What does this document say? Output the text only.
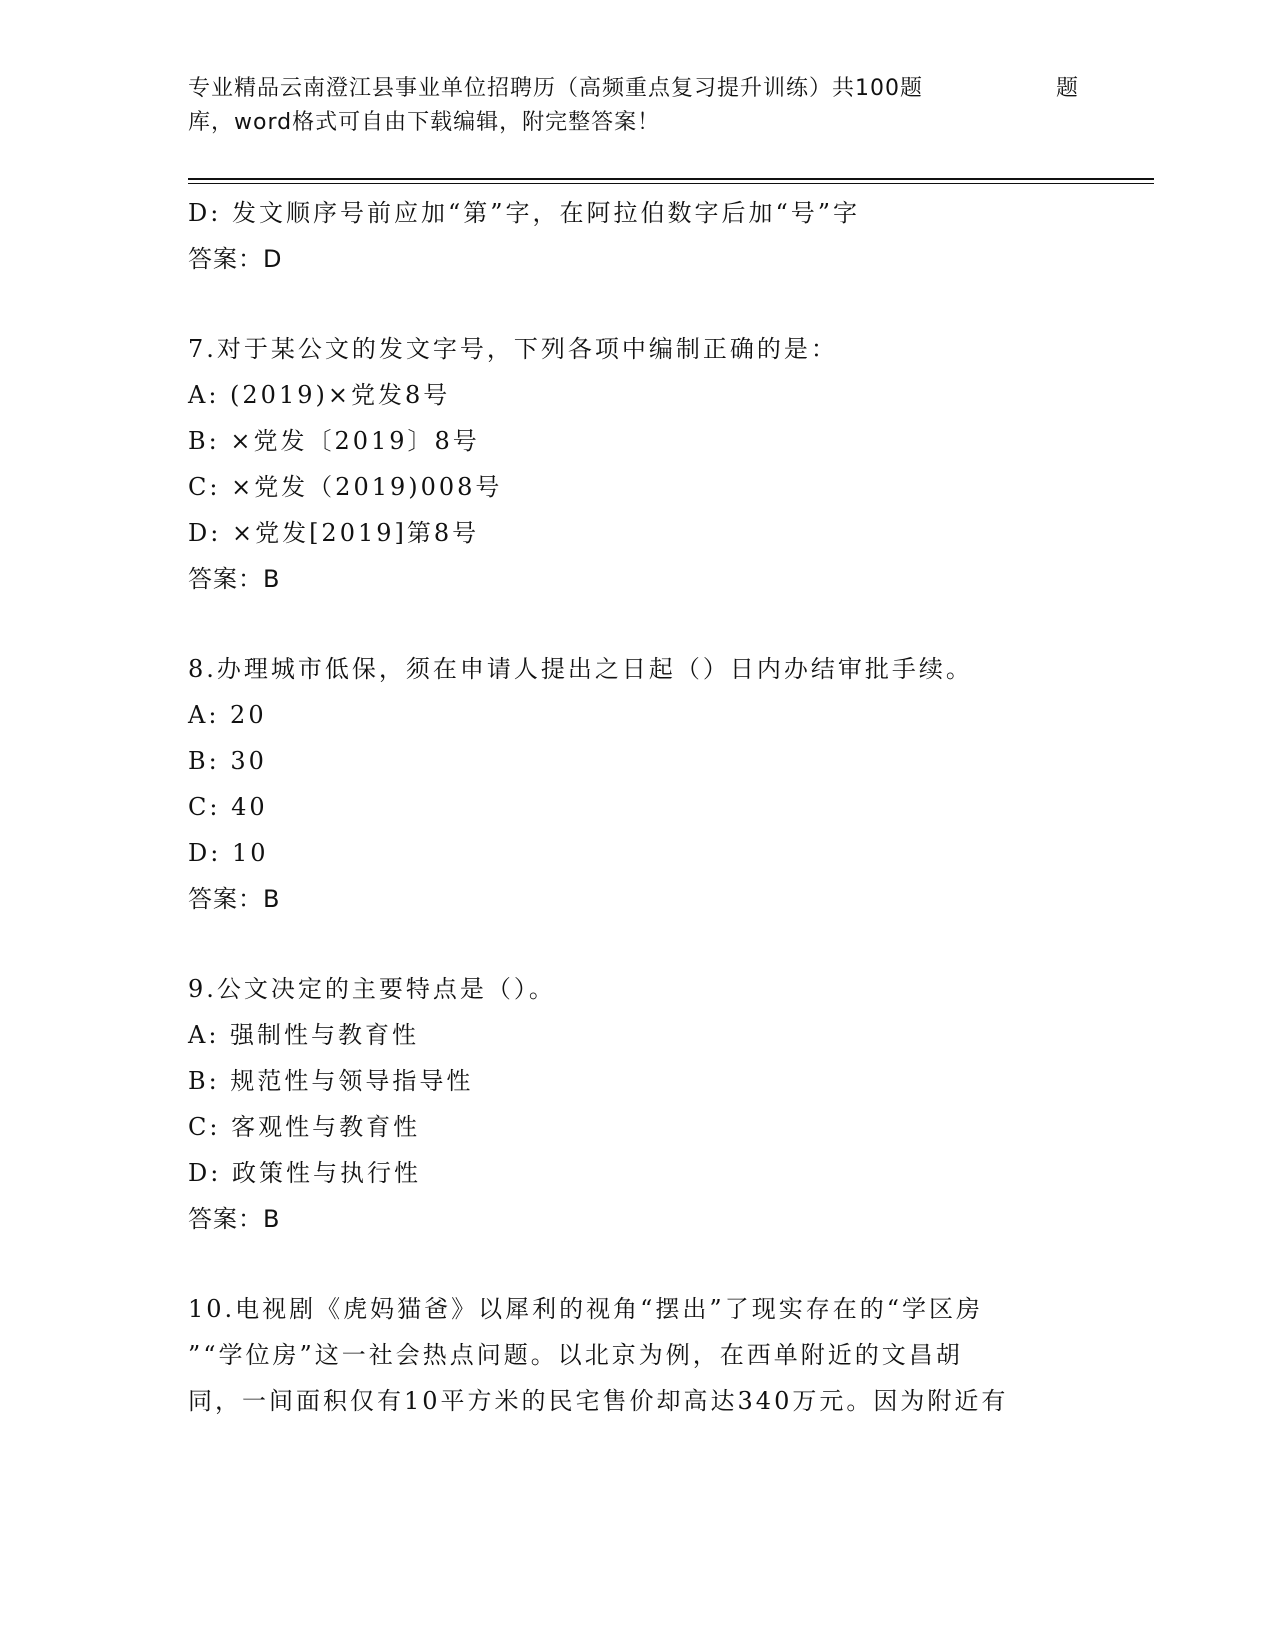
专业精品云南澄江县事业单位招聘历（高频重点复习提升训练）共100题	题
库，word格式可自由下载编辑，附完整答案！
D: 发文顺序号前应加“第”字，在阿拉伯数字后加“号”字
答案：D
7.对于某公文的发文字号，下列各项中编制正确的是：
A: (2019)×党发8号
B: ×党发〔2019〕8号
C: ×党发（2019)008号
D: ×党发[2019]第8号
答案：B
8.办理城市低保，须在申请人提出之日起（）日内办结审批手续。
A: 20
B: 30
C: 40
D: 10
答案：B
9.公文决定的主要特点是（）。
A: 强制性与教育性
B: 规范性与领导指导性
C: 客观性与教育性
D: 政策性与执行性
答案：B
10.电视剧《虎妈猫爸》以犀利的视角“摆出”了现实存在的“学区房
”“学位房”这一社会热点问题。以北京为例，在西单附近的文昌胡
同，一间面积仅有10平方米的民宅售价却高达340万元。因为附近有
